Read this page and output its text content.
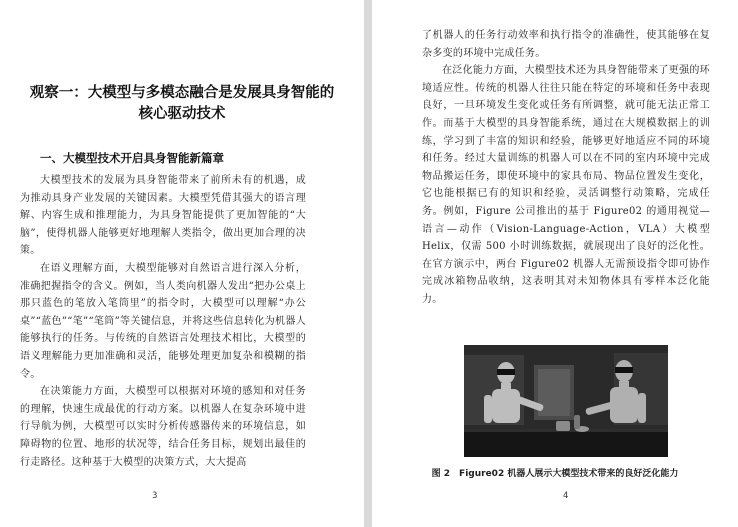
观察一：大模型与多模态融合是发展具身智能的
核心驱动技术
一、大模型技术开启具身智能新篇章

大模型技术的发展为具身智能带来了前所未有的机遇，成为推动具身产业发展的关键因素。大模型凭借其强大的语言理解、内容生成和推理能力，为具身智能提供了更加智能的“大脑”，使得机器人能够更好地理解人类指令，做出更加合理的决策。

在语义理解方面，大模型能够对自然语言进行深入分析，准确把握指令的含义。例如，当人类向机器人发出“把办公桌上那只蓝色的笔放入笔筒里”的指令时，大模型可以理解“办公桌”“蓝色”“笔”“笔筒”等关键信息，并将这些信息转化为机器人能够执行的任务。与传统的自然语言处理技术相比，大模型的语义理解能力更加准确和灵活，能够处理更加复杂和模糊的指令。

在决策能力方面，大模型可以根据对环境的感知和对任务的理解，快速生成最优的行动方案。以机器人在复杂环境中进行导航为例，大模型可以实时分析传感器传来的环境信息，如障碍物的位置、地形的状况等，结合任务目标，规划出最佳的行走路径。这种基于大模型的决策方式，大大提高

3

了机器人的任务行动效率和执行指令的准确性，使其能够在复杂多变的环境中完成任务。

在泛化能力方面，大模型技术还为具身智能带来了更强的环境适应性。传统的机器人往往只能在特定的环境和任务中表现良好，一旦环境发生变化或任务有所调整，就可能无法正常工作。而基于大模型的具身智能系统，通过在大规模数据上的训练，学习到了丰富的知识和经验，能够更好地适应不同的环境和任务。经过大量训练的机器人可以在不同的室内环境中完成物品搬运任务，即使环境中的家具布局、物品位置发生变化，它也能根据已有的知识和经验，灵活调整行动策略，完成任务。例如，Figure 公司推出的基于 Figure02 的通用视觉—语言—动作（Vision-Language-Action，VLA）大模型 Helix，仅需 500 小时训练数据，就展现出了良好的泛化性。在官方演示中，两台 Figure02 机器人无需预设指令即可协作完成冰箱物品收纳，这表明其对未知物体具有零样本泛化能力。

图 2　Figure02 机器人展示大模型技术带来的良好泛化能力
4
